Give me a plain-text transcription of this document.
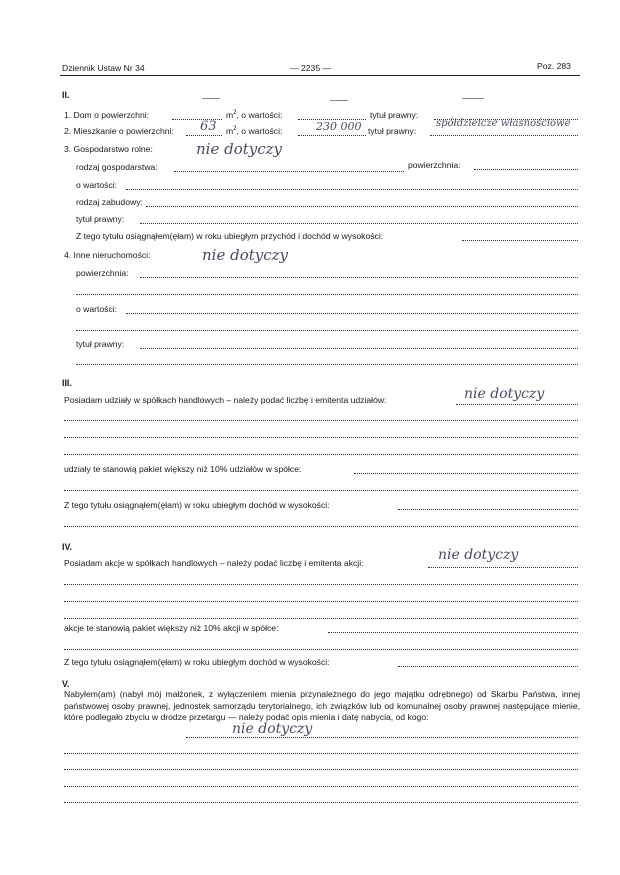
Dziennik Ustaw Nr 34	— 2235 —	Poz. 283
II.
1. Dom o powierzchni:	$m^2$, o wartości:	tytuł prawny:
2. Mieszkanie o powierzchni: 63 $m^2$, o wartości:	230 000 tytuł prawny:
spółdzielcze własnościowe
3. Gospodarstwo rolne:	nie dotyczy
rodzaj gospodarstwa:	powierzchnia:
o wartości:
rodzaj zabudowy:
tytuł prawny:
Z tego tytułu osiągnąłem(ęłam) w roku ubiegłym przychód i dochód w wysokości:
4. Inne nieruchomości:	nie dotyczy
powierzchnia:
o wartości:
tytuł prawny:
III.
Posiadam udziały w spółkach handlowych – należy podać liczbę i emitenta udziałów:	nie dotyczy
udziały te stanowią pakiet większy niż 10% udziałów w spółce:
Z tego tytułu osiągnąłem(ęłam) w roku ubiegłym dochód w wysokości:
IV.
Posiadam akcje w spółkach handlowych – należy podać liczbę i emitenta akcji:	nie dotyczy
akcje te stanowią pakiet większy niż 10% akcji w spółce:
Z tego tytułu osiągnąłem(ęłam) w roku ubiegłym dochód w wysokości:
V.
Nabyłem(am) (nabył mój małżonek, z wyłączeniem mienia przynależnego do jego majątku odrębnego) od Skarbu Państwa, innej państwowej osoby prawnej, jednostek samorządu terytorialnego, ich związków lub od komunalnej osoby prawnej następujące mienie, które podlegało zbyciu w drodze przetargu — należy podać opis mienia i datę nabycia, od kogo:
nie dotyczy
